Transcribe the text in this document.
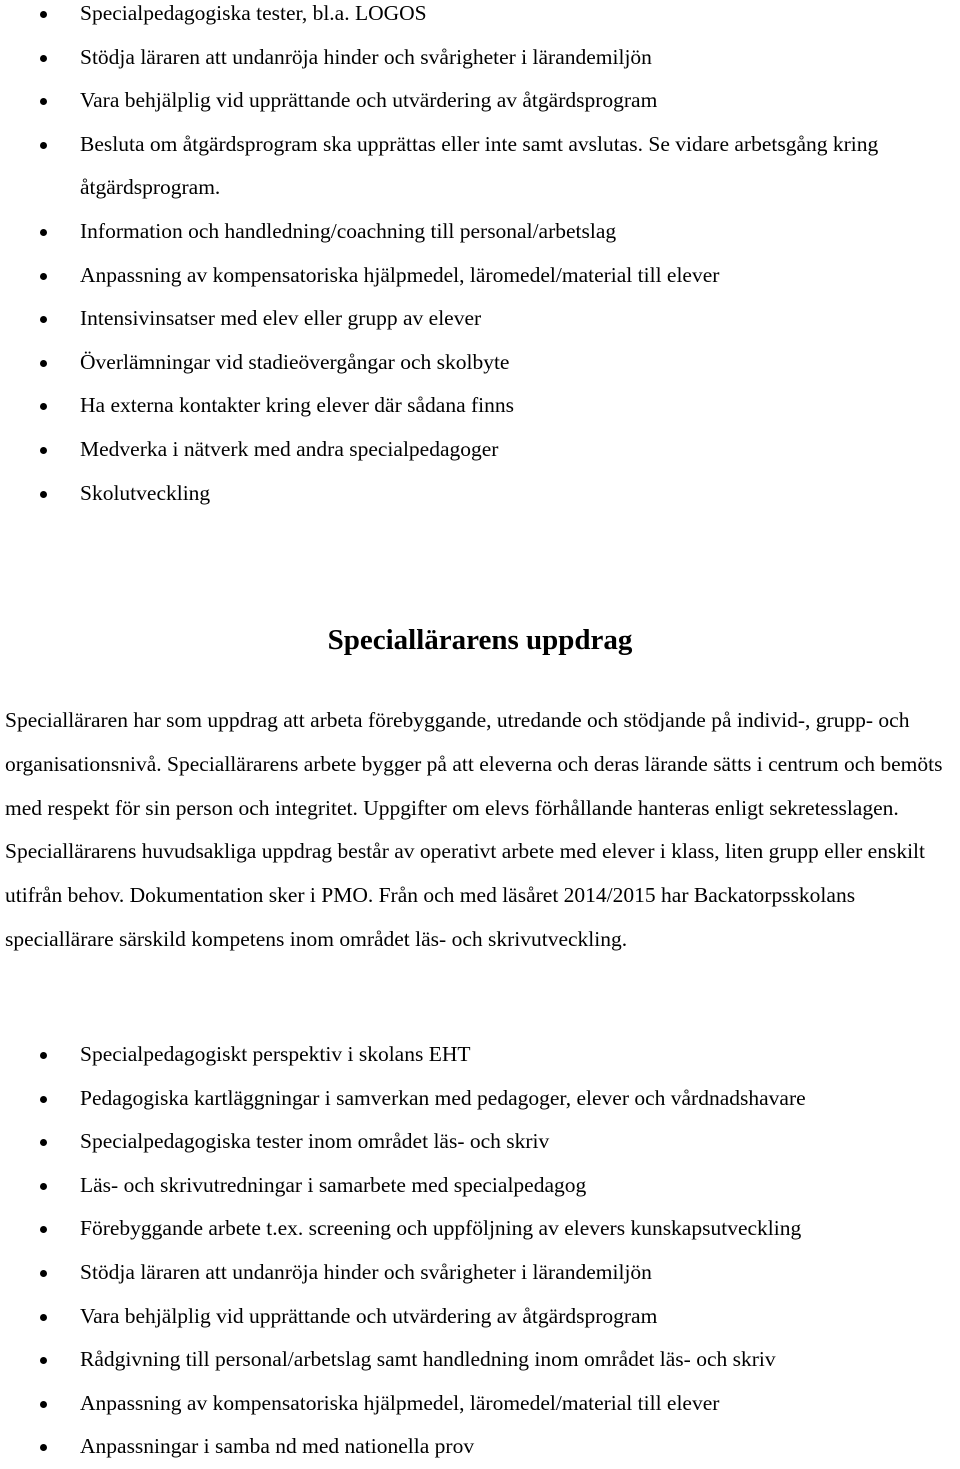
Specialpedagogiska tester, bl.a. LOGOS
Stödja läraren att undanröja hinder och svårigheter i lärandemiljön
Vara behjälplig vid upprättande och utvärdering av åtgärdsprogram
Besluta om åtgärdsprogram ska upprättas eller inte samt avslutas. Se vidare arbetsgång kring åtgärdsprogram.
Information och handledning/coachning till personal/arbetslag
Anpassning av kompensatoriska hjälpmedel, läromedel/material till elever
Intensivinsatser med elev eller grupp av elever
Överlämningar vid stadieövergångar och skolbyte
Ha externa kontakter kring elever där sådana finns
Medverka i nätverk med andra specialpedagoger
Skolutveckling
Speciallärarens uppdrag

Specialläraren har som uppdrag att arbeta förebyggande, utredande och stödjande på individ-, grupp- och organisationsnivå. Speciallärarens arbete bygger på att eleverna och deras lärande sätts i centrum och bemöts med respekt för sin person och integritet. Uppgifter om elevs förhållande hanteras enligt sekretesslagen. Speciallärarens huvudsakliga uppdrag består av operativt arbete med elever i klass, liten grupp eller enskilt utifrån behov. Dokumentation sker i PMO. Från och med läsåret 2014/2015 har Backatorpsskolans speciallärare särskild kompetens inom området läs- och skrivutveckling.

Specialpedagogiskt perspektiv i skolans EHT
Pedagogiska kartläggningar i samverkan med pedagoger, elever och vårdnadshavare
Specialpedagogiska tester inom området läs- och skriv
Läs- och skrivutredningar i samarbete med specialpedagog
Förebyggande arbete t.ex. screening och uppföljning av elevers kunskapsutveckling
Stödja läraren att undanröja hinder och svårigheter i lärandemiljön
Vara behjälplig vid upprättande och utvärdering av åtgärdsprogram
Rådgivning till personal/arbetslag samt handledning inom området läs- och skriv
Anpassning av kompensatoriska hjälpmedel, läromedel/material till elever
Anpassningar i samba nd med nationella prov
